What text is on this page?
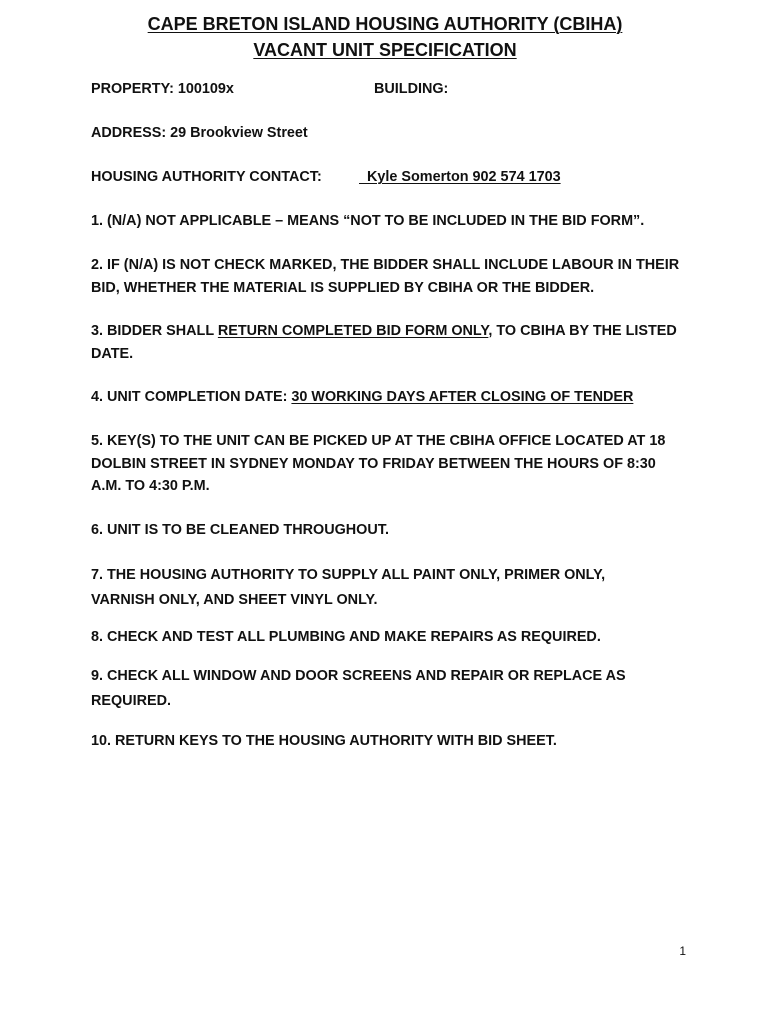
CAPE BRETON ISLAND HOUSING AUTHORITY (CBIHA)
VACANT UNIT SPECIFICATION
PROPERTY: 100109x	BUILDING:
ADDRESS: 29 Brookview Street
HOUSING AUTHORITY CONTACT:	Kyle Somerton 902 574 1703
1. (N/A) NOT APPLICABLE – MEANS “NOT TO BE INCLUDED IN THE BID FORM”.
2. IF (N/A) IS NOT CHECK MARKED, THE BIDDER SHALL INCLUDE LABOUR IN THEIR BID, WHETHER THE MATERIAL IS SUPPLIED BY CBIHA OR THE BIDDER.
3. BIDDER SHALL RETURN COMPLETED BID FORM ONLY, TO CBIHA BY THE LISTED DATE.
4. UNIT COMPLETION DATE: 30 WORKING DAYS AFTER CLOSING OF TENDER
5. KEY(S) TO THE UNIT CAN BE PICKED UP AT THE CBIHA OFFICE LOCATED AT 18 DOLBIN STREET IN SYDNEY MONDAY TO FRIDAY BETWEEN THE HOURS OF 8:30 A.M. TO 4:30 P.M.
6. UNIT IS TO BE CLEANED THROUGHOUT.
7. THE HOUSING AUTHORITY TO SUPPLY ALL PAINT ONLY, PRIMER ONLY, VARNISH ONLY, AND SHEET VINYL ONLY.
8. CHECK AND TEST ALL PLUMBING AND MAKE REPAIRS AS REQUIRED.
9. CHECK ALL WINDOW AND DOOR SCREENS AND REPAIR OR REPLACE AS REQUIRED.
10. RETURN KEYS TO THE HOUSING AUTHORITY WITH BID SHEET.
1
